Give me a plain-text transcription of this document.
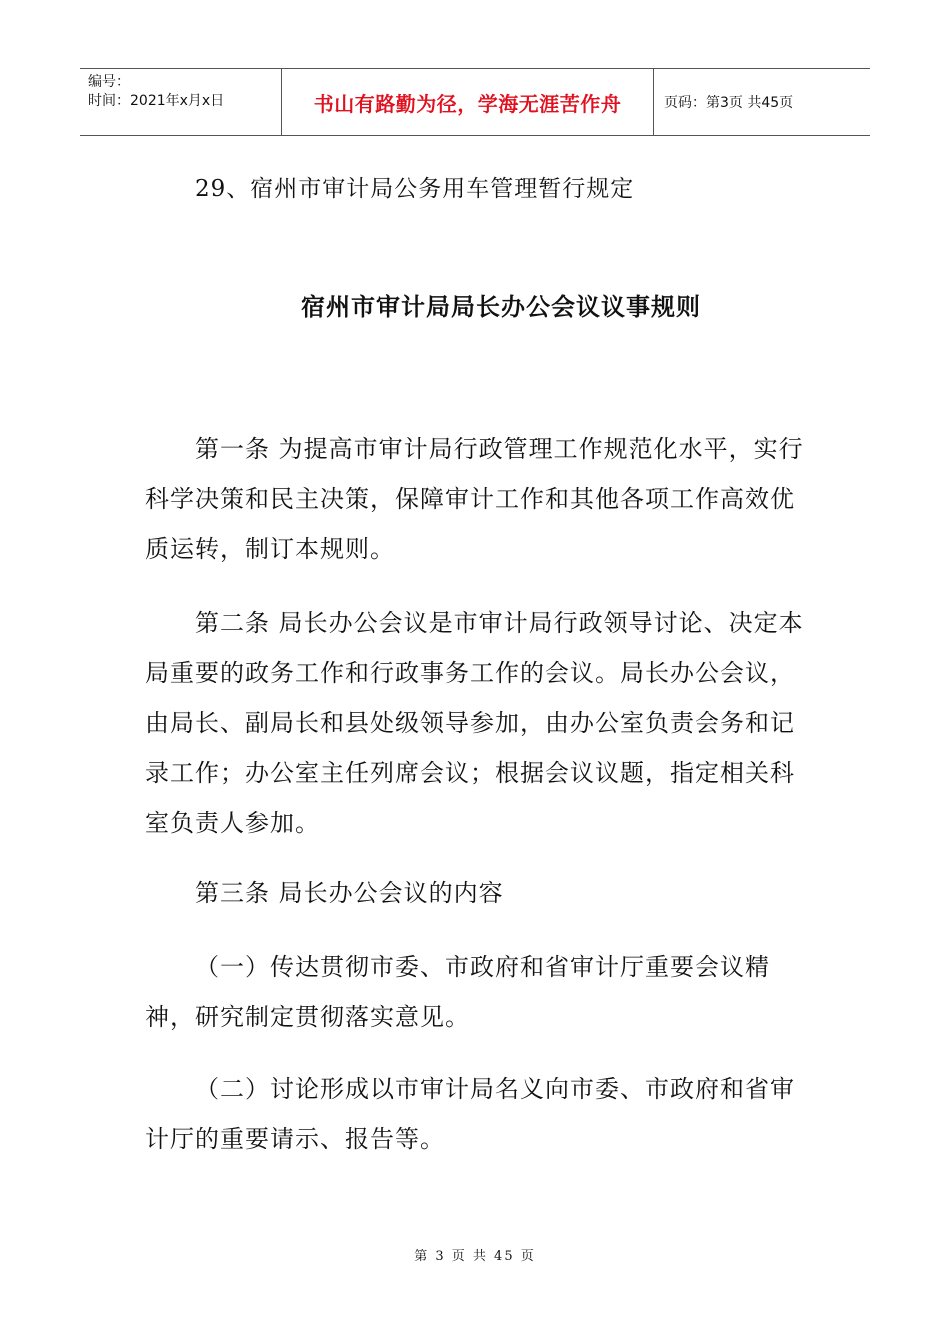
编号：
时间：2021年x月x日	书山有路勤为径，学海无涯苦作舟	页码：第3页 共45页
29、宿州市审计局公务用车管理暂行规定
宿州市审计局局长办公会议议事规则

第一条 为提高市审计局行政管理工作规范化水平，实行科学决策和民主决策，保障审计工作和其他各项工作高效优质运转，制订本规则。

第二条 局长办公会议是市审计局行政领导讨论、决定本局重要的政务工作和行政事务工作的会议。局长办公会议，由局长、副局长和县处级领导参加，由办公室负责会务和记录工作；办公室主任列席会议；根据会议议题，指定相关科室负责人参加。

第三条 局长办公会议的内容

（一）传达贯彻市委、市政府和省审计厅重要会议精神，研究制定贯彻落实意见。

（二）讨论形成以市审计局名义向市委、市政府和省审计厅的重要请示、报告等。

第 3 页 共 45 页
